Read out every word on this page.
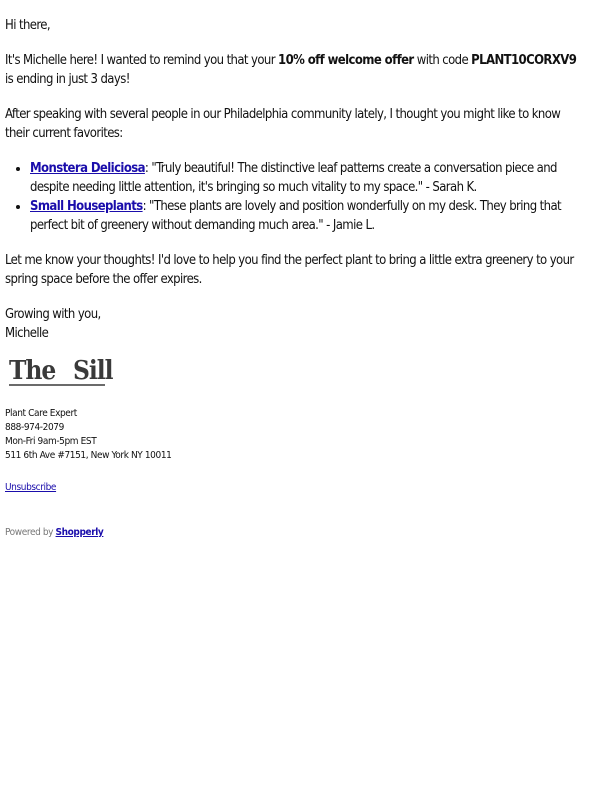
Hi there,

It's Michelle here! I wanted to remind you that your 10% off welcome offer with code PLANT10CORXV9 is ending in just 3 days!

After speaking with several people in our Philadelphia community lately, I thought you might like to know their current favorites:

• Monstera Deliciosa: "Truly beautiful! The distinctive leaf patterns create a conversation piece and despite needing little attention, it's bringing so much vitality to my space." - Sarah K.
• Small Houseplants: "These plants are lovely and position wonderfully on my desk. They bring that perfect bit of greenery without demanding much area." - Jamie L.

Let me know your thoughts! I'd love to help you find the perfect plant to bring a little extra greenery to your spring space before the offer expires.

Growing with you,
Michelle

The Sill

Plant Care Expert

888-974-2079

Mon-Fri 9am-5pm EST

511 6th Ave #7151, New York NY 10011

Unsubscribe

Powered by Shopperly
